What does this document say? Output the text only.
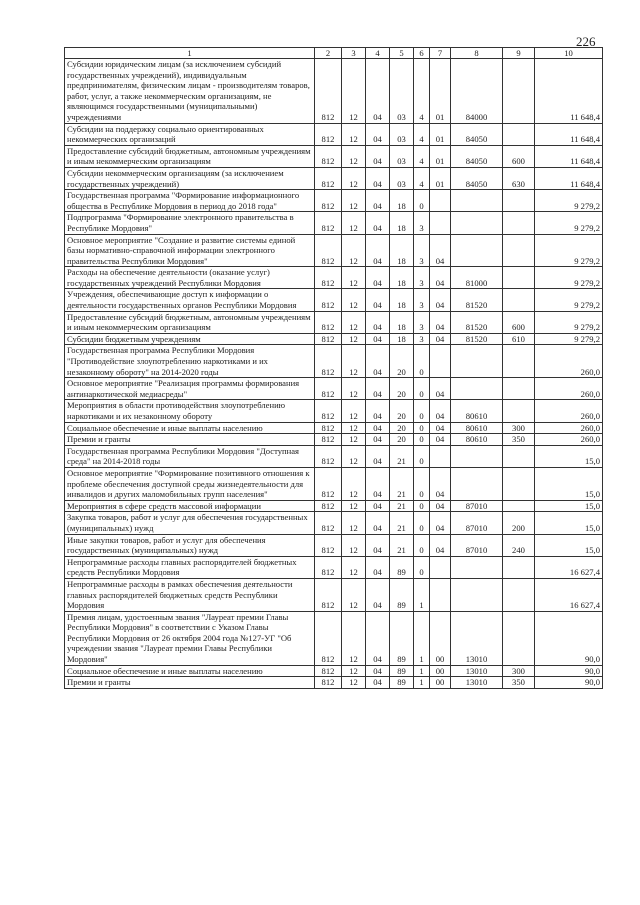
226
1	2	3	4	5	6	7	8	9	10
Субсидии юридическим лицам (за исключением субсидий государственных учреждений), индивидуальным предпринимателям, физическим лицам - производителям товаров, работ, услуг, а также некоммерческим организациям, не являющимся государственными (муниципальными) учреждениями	812	12	04	03	4	01	84000		11 648,4
Субсидии на поддержку социально ориентированных некоммерческих организаций	812	12	04	03	4	01	84050		11 648,4
Предоставление субсидий бюджетным, автономным учреждениям и иным некоммерческим организациям	812	12	04	03	4	01	84050	600	11 648,4
Субсидии некоммерческим организациям (за исключением государственных учреждений)	812	12	04	03	4	01	84050	630	11 648,4
Государственная программа "Формирование информационного общества в Республике Мордовия в период до 2018 года"	812	12	04	18	0				9 279,2
Подпрограмма "Формирование электронного правительства в Республике Мордовия"	812	12	04	18	3				9 279,2
Основное мероприятие "Создание и развитие системы единой базы нормативно-справочной информации электронного правительства Республики Мордовия"	812	12	04	18	3	04			9 279,2
Расходы на обеспечение деятельности (оказание услуг) государственных учреждений Республики Мордовия	812	12	04	18	3	04	81000		9 279,2
Учреждения, обеспечивающие доступ к информации о деятельности государственных органов Республики Мордовия	812	12	04	18	3	04	81520		9 279,2
Предоставление субсидий бюджетным, автономным учреждениям и иным некоммерческим организациям	812	12	04	18	3	04	81520	600	9 279,2
Субсидии бюджетным учреждениям	812	12	04	18	3	04	81520	610	9 279,2
Государственная программа Республики Мордовия "Противодействие злоупотреблению наркотиками и их незаконному обороту" на 2014-2020 годы	812	12	04	20	0				260,0
Основное мероприятие "Реализация программы формирования антинаркотической медиасреды"	812	12	04	20	0	04			260,0
Мероприятия в области противодействия злоупотреблению наркотиками и их незаконному обороту	812	12	04	20	0	04	80610		260,0
Социальное обеспечение и иные выплаты населению	812	12	04	20	0	04	80610	300	260,0
Премии и гранты	812	12	04	20	0	04	80610	350	260,0
Государственная программа Республики Мордовия "Доступная среда" на 2014-2018 годы	812	12	04	21	0				15,0
Основное мероприятие "Формирование позитивного отношения к проблеме обеспечения доступной среды жизнедеятельности для инвалидов и других маломобильных групп населения"	812	12	04	21	0	04			15,0
Мероприятия в сфере средств массовой информации	812	12	04	21	0	04	87010		15,0
Закупка товаров, работ и услуг для обеспечения государственных (муниципальных) нужд	812	12	04	21	0	04	87010	200	15,0
Иные закупки товаров, работ и услуг для обеспечения государственных (муниципальных) нужд	812	12	04	21	0	04	87010	240	15,0
Непрограммные расходы главных распорядителей бюджетных средств Республики Мордовия	812	12	04	89	0				16 627,4
Непрограммные расходы в рамках обеспечения деятельности главных распорядителей бюджетных средств Республики Мордовия	812	12	04	89	1				16 627,4
Премия лицам, удостоенным звания "Лауреат премии Главы Республики Мордовия" в соответствии с Указом Главы Республики Мордовия от 26 октября 2004 года №127-УГ "Об учреждении звания "Лауреат премии Главы Республики Мордовия"	812	12	04	89	1	00	13010		90,0
Социальное обеспечение и иные выплаты населению	812	12	04	89	1	00	13010	300	90,0
Премии и гранты	812	12	04	89	1	00	13010	350	90,0
